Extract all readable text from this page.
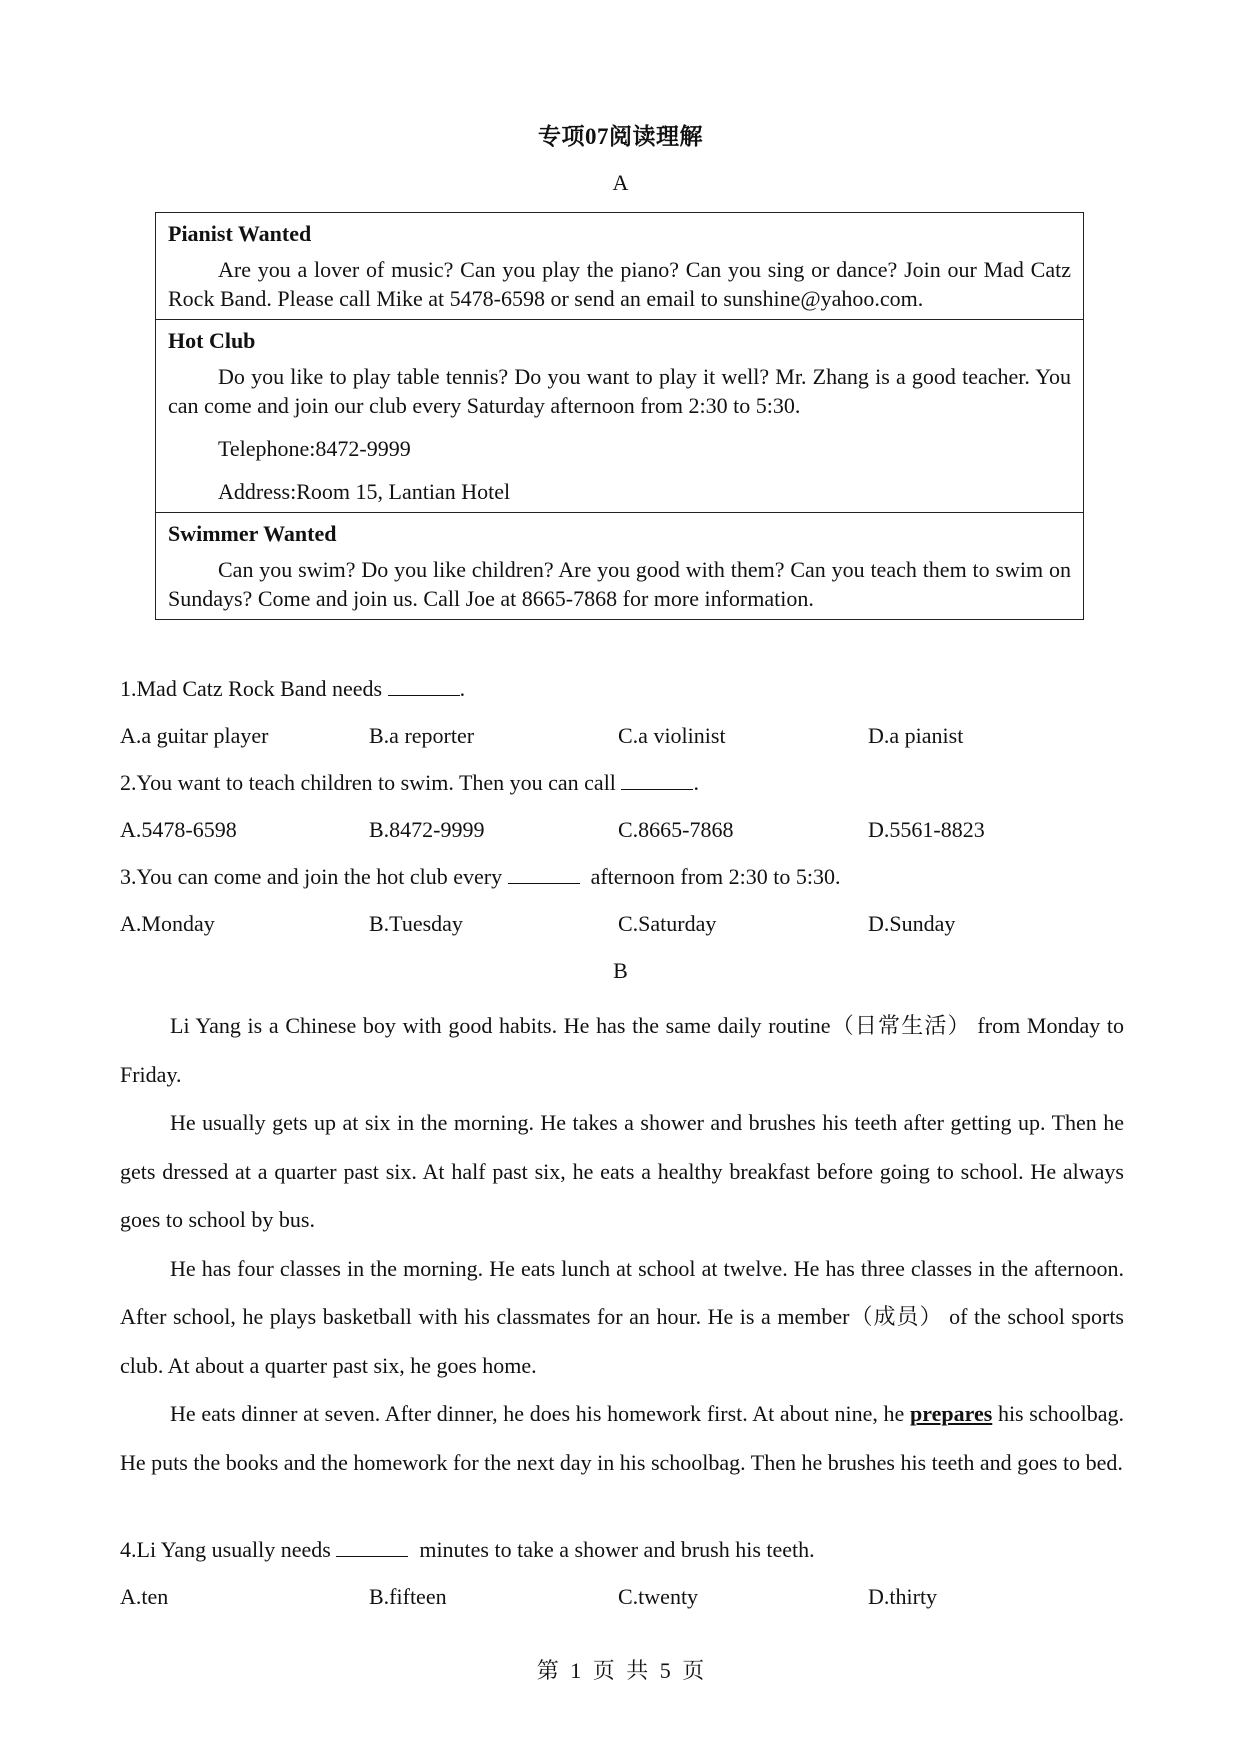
专项07阅读理解
A
Pianist Wanted

Are you a lover of music? Can you play the piano? Can you sing or dance? Join our Mad Catz Rock Band. Please call Mike at 5478-6598 or send an email to sunshine@yahoo.com.

Hot Club

Do you like to play table tennis? Do you want to play it well? Mr. Zhang is a good teacher. You can come and join our club every Saturday afternoon from 2:30 to 5:30.

Telephone:8472-9999

Address:Room 15, Lantian Hotel

Swimmer Wanted

Can you swim? Do you like children? Are you good with them? Can you teach them to swim on Sundays? Come and join us. Call Joe at 8665-7868 for more information.

1.Mad Catz Rock Band needs	.
A.a guitar player	B.a reporter	C.a violinist	D.a pianist
2.You want to teach children to swim. Then you can call	.
A.5478-6598	B.8472-9999	C.8665-7868	D.5561-8823
3.You can come and join the hot club every	afternoon from 2:30 to 5:30.
A.Monday	B.Tuesday	C.Saturday	D.Sunday
B

Li Yang is a Chinese boy with good habits. He has the same daily routine（日常生活） from Monday to Friday.

He usually gets up at six in the morning. He takes a shower and brushes his teeth after getting up. Then he gets dressed at a quarter past six. At half past six, he eats a healthy breakfast before going to school. He always goes to school by bus.

He has four classes in the morning. He eats lunch at school at twelve. He has three classes in the afternoon. After school, he plays basketball with his classmates for an hour. He is a member（成员） of the school sports club. At about a quarter past six, he goes home.

He eats dinner at seven. After dinner, he does his homework first. At about nine, he prepares his schoolbag. He puts the books and the homework for the next day in his schoolbag. Then he brushes his teeth and goes to bed.

4.Li Yang usually needs	minutes to take a shower and brush his teeth.
A.ten	B.fifteen	C.twenty	D.thirty
第 1 页 共 5 页
